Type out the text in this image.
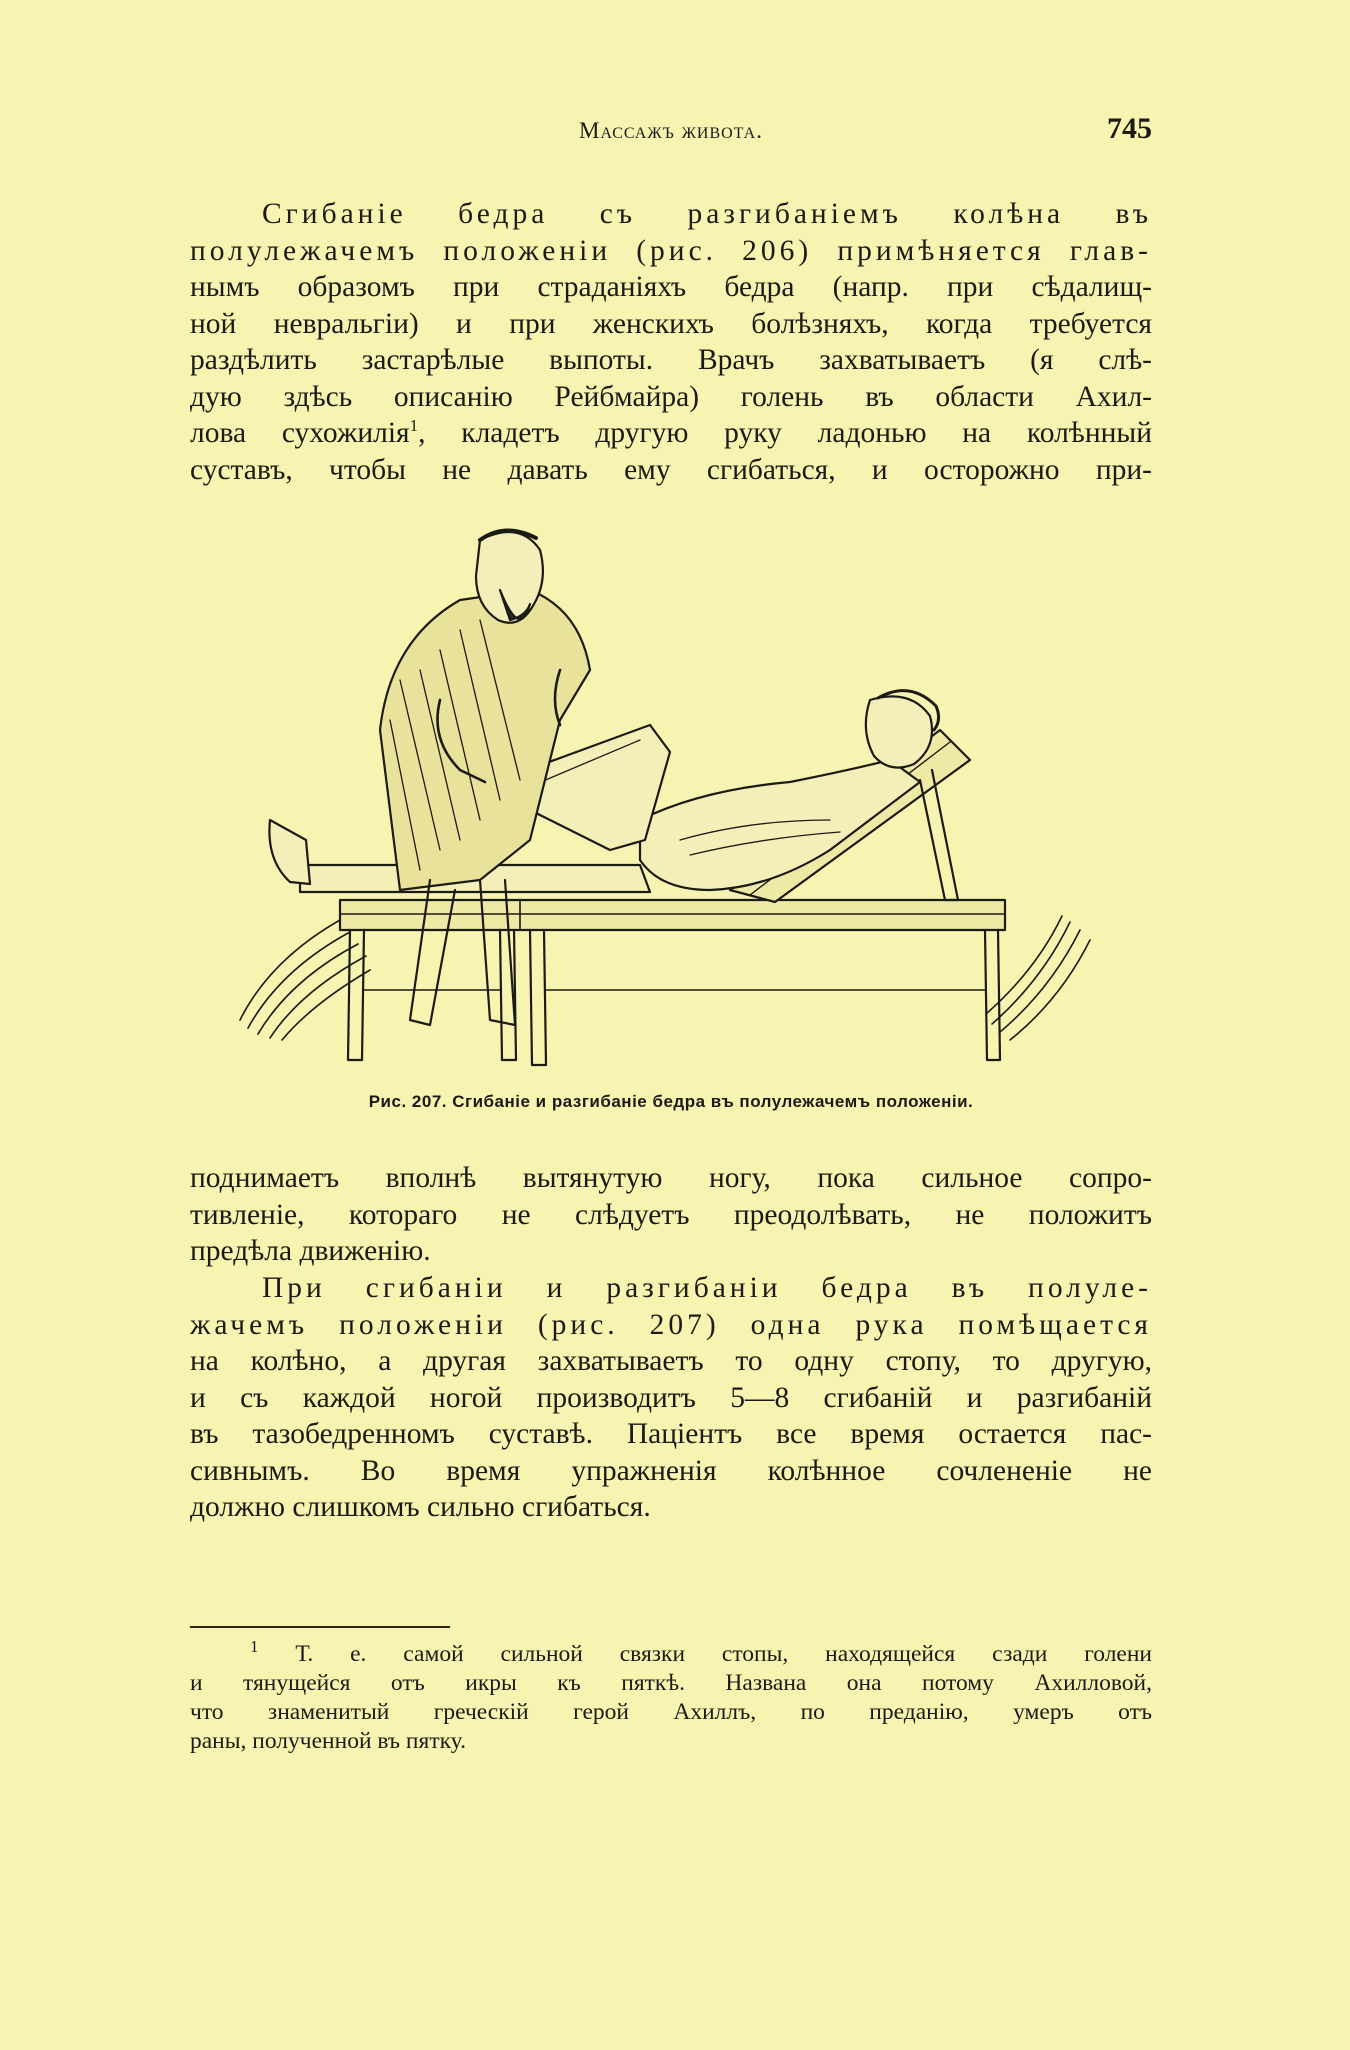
Массажъ живота.	745
Сгибаніе бедра съ разгибаніемъ колѣна въ
полулежачемъ положеніи (рис. 206) примѣняется глав-
нымъ образомъ при страданіяхъ бедра (напр. при сѣдалищ-
ной невральгіи) и при женскихъ болѣзняхъ, когда требуется
раздѣлить застарѣлые выпоты. Врачъ захватываетъ (я слѣ-
дую здѣсь описанію Рейбмайра) голень въ области Ахил-
лова сухожилія$^1$, кладетъ другую руку ладонью на колѣнный
суставъ, чтобы не давать ему сгибаться, и осторожно при-
Рис. 207. Сгибаніе и разгибаніе бедра въ полулежачемъ положеніи.
поднимаетъ вполнѣ вытянутую ногу, пока сильное сопро-
тивленіе, котораго не слѣдуетъ преодолѣвать, не положитъ
предѣла движенію.
При сгибаніи и разгибаніи бедра въ полуле-
жачемъ положеніи (рис. 207) одна рука помѣщается
на колѣно, а другая захватываетъ то одну стопу, то другую,
и съ каждой ногой производитъ 5—8 сгибаній и разгибаній
въ тазобедренномъ суставѣ. Паціентъ все время остается пас-
сивнымъ. Во время упражненія колѣнное сочлененіе не
должно слишкомъ сильно сгибаться.
$^1$ Т. е. самой сильной связки стопы, находящейся сзади голени
и тянущейся отъ икры къ пяткѣ. Названа она потому Ахилловой,
что знаменитый греческій герой Ахиллъ, по преданію, умеръ отъ
раны, полученной въ пятку.
